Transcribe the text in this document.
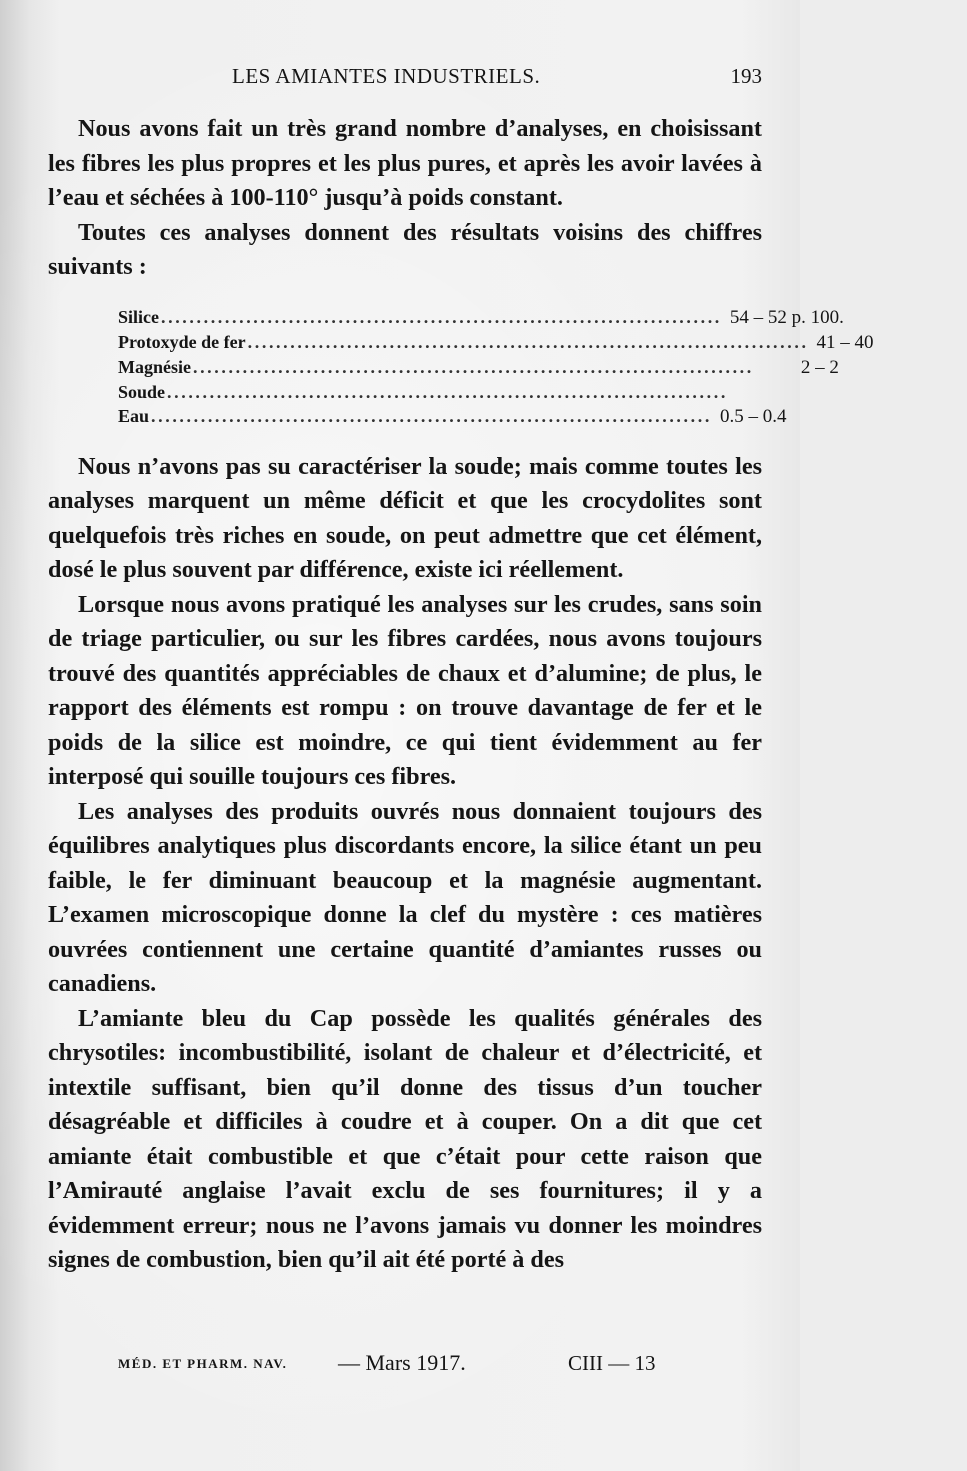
LES AMIANTES INDUSTRIELS.	193

Nous avons fait un très grand nombre d’analyses, en choisissant les fibres les plus propres et les plus pures, et après les avoir lavées à l’eau et séchées à 100-110° jusqu’à poids constant.

Toutes ces analyses donnent des résultats voisins des chiffres suivants :

Silice ............................................................................... 54 – 52 p. 100.
Protoxyde de fer ............................................................................... 41 – 40
Magnésie ...............................................................................	2 – 2
Soude ...............................................................................
Eau ............................................................................... 0.5 – 0.4

Nous n’avons pas su caractériser la soude; mais comme toutes les analyses marquent un même déficit et que les crocydolites sont quelquefois très riches en soude, on peut admettre que cet élément, dosé le plus souvent par différence, existe ici réellement.

Lorsque nous avons pratiqué les analyses sur les crudes, sans soin de triage particulier, ou sur les fibres cardées, nous avons toujours trouvé des quantités appréciables de chaux et d’alumine; de plus, le rapport des éléments est rompu : on trouve davantage de fer et le poids de la silice est moindre, ce qui tient évidemment au fer interposé qui souille toujours ces fibres.

Les analyses des produits ouvrés nous donnaient toujours des équilibres analytiques plus discordants encore, la silice étant un peu faible, le fer diminuant beaucoup et la magnésie augmentant. L’examen microscopique donne la clef du mystère : ces matières ouvrées contiennent une certaine quantité d’amiantes russes ou canadiens.

L’amiante bleu du Cap possède les qualités générales des chrysotiles: incombustibilité, isolant de chaleur et d’électricité, et intextile suffisant, bien qu’il donne des tissus d’un toucher désagréable et difficiles à coudre et à couper. On a dit que cet amiante était combustible et que c’était pour cette raison que l’Amirauté anglaise l’avait exclu de ses fournitures; il y a évidemment erreur; nous ne l’avons jamais vu donner les moindres signes de combustion, bien qu’il ait été porté à des

MÉD. ET PHARM. NAV. — Mars 1917.	CIII — 13
